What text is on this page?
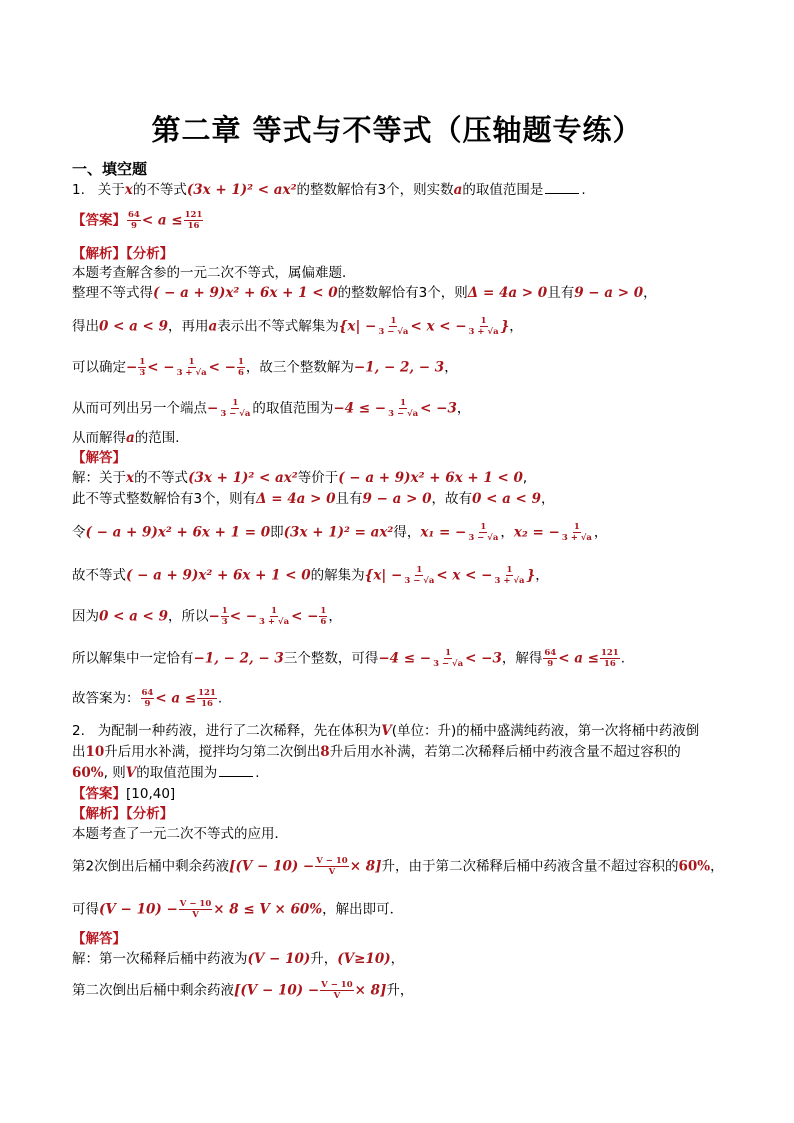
第二章 等式与不等式（压轴题专练）
一、填空题
1. 关于x的不等式(3x + 1)² < ax²的整数解恰有3个，则实数a的取值范围是	.
【答案】 $\frac{64}{9} < a \le \frac{121}{16}$
【解析】【分析】
本题考查解含参的一元二次不等式，属偏难题．
整理不等式得( − a + 9)x² + 6x + 1 < 0的整数解恰有3个，则Δ = 4a > 0且有9 − a > 0，
得出0 < a < 9，再用a表示出不等式解集为{$x| - \frac{1}{3 - √a} < x$ < − $\frac{1}{3 + √a}$ }，
可以确定− $\frac{1}{3}$ < − $\frac{1}{3 + √a}$ < − $\frac{1}{6}$ ，故三个整数解为−1, − 2, − 3，
从而可列出另一个端点− $\frac{1}{3 - √a}$ 的取值范围为−4 ≤ − $\frac{1}{3 - √a} < -3$，
从而解得a的范围．
【解答】
解：关于x的不等式(3x + 1)² < ax²等价于( − a + 9)x² + 6x + 1 < 0,
此不等式整数解恰有3个，则有Δ = 4a > 0且有9 − a > 0，故有0 < a < 9，
令( − a + 9)x² + 6x + 1 = 0即(3x + 1)² = ax²得，x₁ = − $\frac{1}{3 - √a}$ ，x₂ = − $\frac{1}{3 + √a}$ ，
故不等式( − a + 9)x² + 6x + 1 < 0的解集为{$x| - \frac{1}{3 - √a} < x$ < − $\frac{1}{3 + √a}$ }，
因为0 < a < 9，所以− $\frac{1}{3}$ < − $\frac{1}{3 + √a}$ < − $\frac{1}{6}$ ，
所以解集中一定恰有−1, − 2, − 3三个整数，可得−4 ≤ − $\frac{1}{3 - √a} < -3$，解得 $\frac{64}{9} < a \le \frac{121}{16}$ .
故答案为： $\frac{64}{9} < a \le \frac{121}{16}$ .
2. 为配制一种药液，进行了二次稀释，先在体积为V(单位：升)的桶中盛满纯药液，第一次将桶中药液倒
出10升后用水补满，搅拌均匀第二次倒出8升后用水补满，若第二次稀释后桶中药液含量不超过容积的
60%, 则V的取值范围为	.
【答案】[10,40]
【解析】【分析】
本题考查了一元二次不等式的应用．
第2次倒出后桶中剩余药液$[(V - 10) - \frac{V - 10}{V} \times 8]$升，由于第二次稀释后桶中药液含量不超过容积的60%，
可得$(V - 10) - \frac{V - 10}{V} \times 8 \le V \times 60\%$，解出即可．
【解答】
解：第一次稀释后桶中药液为(V − 10)升，(V≥10)，
第二次倒出后桶中剩余药液$[(V - 10) - \frac{V - 10}{V} \times 8]$升，
